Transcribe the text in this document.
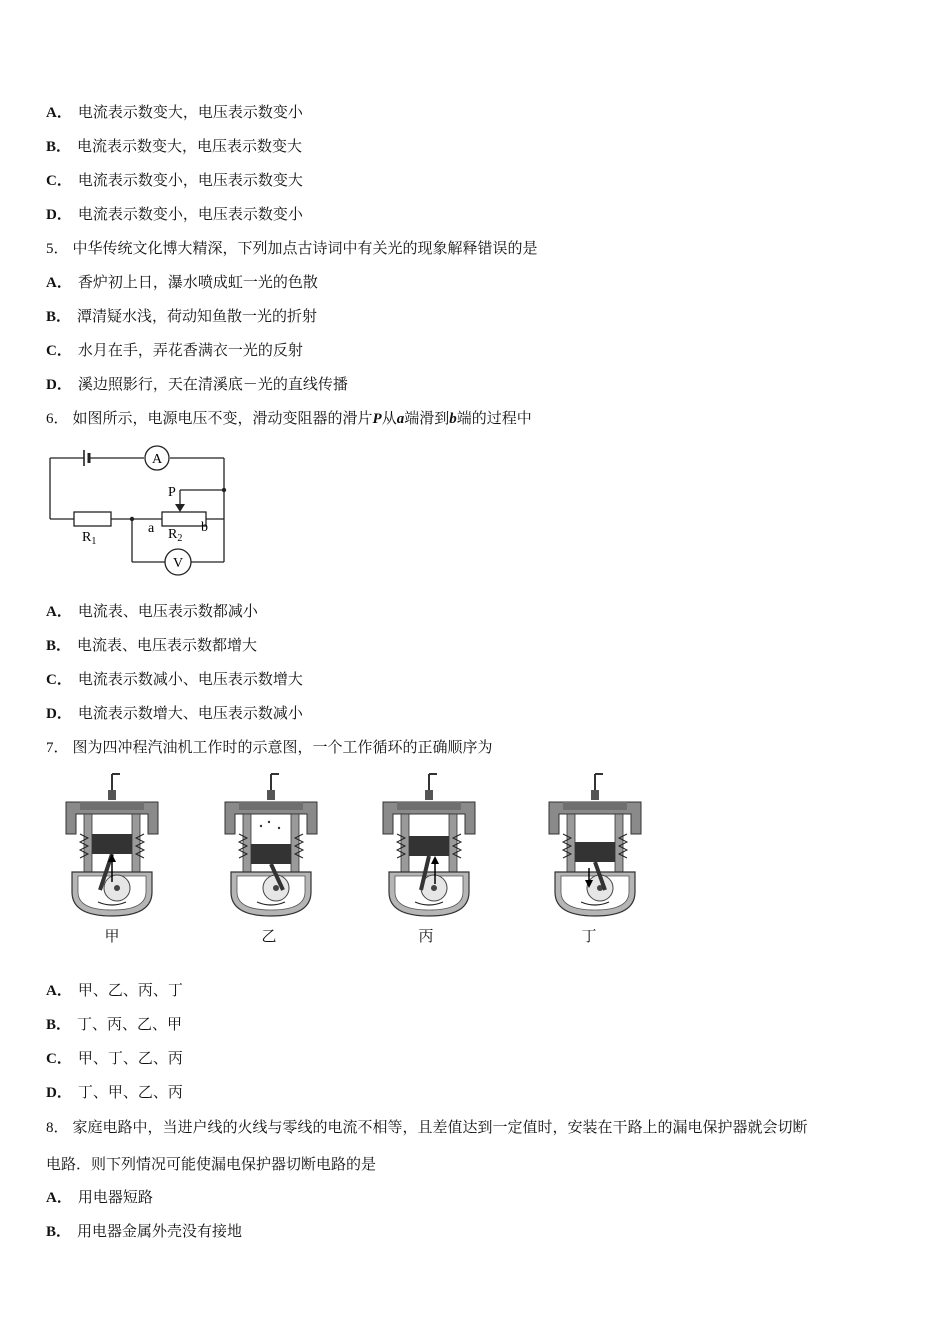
A． 电流表示数变大，电压表示数变小
B． 电流表示数变大，电压表示数变大
C． 电流表示数变小，电压表示数变大
D． 电流表示数变小，电压表示数变小
5． 中华传统文化博大精深，下列加点古诗词中有关光的现象解释错误的是
A． 香炉初上日，瀑水喷成虹一光的色散
B． 潭清疑水浅，荷动知鱼散一光的折射
C． 水月在手，弄花香满衣一光的反射
D． 溪边照影行，天在清溪底－光的直线传播
6． 如图所示，电源电压不变，滑动变阻器的滑片P从a端滑到b端的过程中
A
V
P
$R_1$	$R_2$
a	b
A． 电流表、电压表示数都减小
B． 电流表、电压表示数都增大
C． 电流表示数减小、电压表示数增大
D． 电流表示数增大、电压表示数减小
7． 图为四冲程汽油机工作时的示意图，一个工作循环的正确顺序为
甲	乙	丙	丁
A． 甲、乙、丙、丁
B． 丁、丙、乙、甲
C． 甲、丁、乙、丙
D． 丁、甲、乙、丙
8． 家庭电路中，当进户线的火线与零线的电流不相等，且差值达到一定值时，安装在干路上的漏电保护器就会切断
电路．则下列情况可能使漏电保护器切断电路的是
A． 用电器短路
B． 用电器金属外壳没有接地
